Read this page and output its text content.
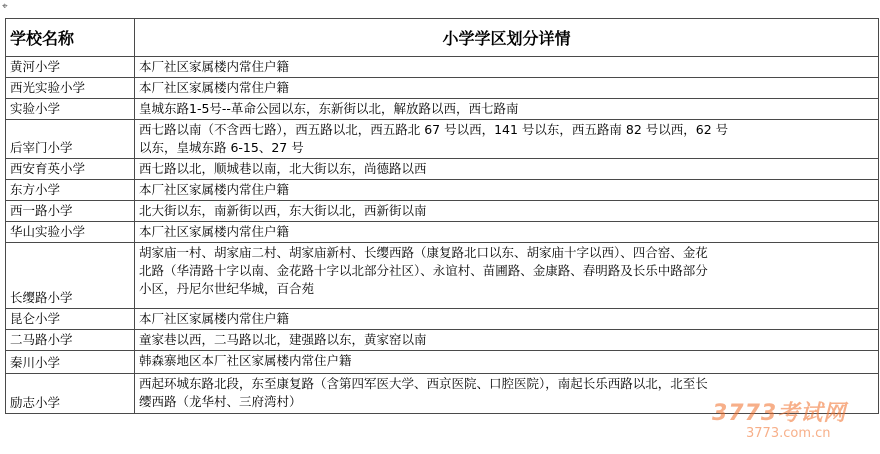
⌖
学校名称	小学学区划分详情
黄河小学	本厂社区家属楼内常住户籍
西光实验小学	本厂社区家属楼内常住户籍
实验小学	皇城东路1-5号--革命公园以东，东新街以北，解放路以西，西七路南
后宰门小学	西七路以南（不含西七路），西五路以北，西五路北 67 号以西，141 号以东，西五路南 82 号以西，62 号
以东，皇城东路 6-15、27 号
西安育英小学	西七路以北，顺城巷以南，北大街以东，尚德路以西
东方小学	本厂社区家属楼内常住户籍
西一路小学	北大街以东，南新街以西，东大街以北，西新街以南
华山实验小学	本厂社区家属楼内常住户籍
长缨路小学	胡家庙一村、胡家庙二村、胡家庙新村、长缨西路（康复路北口以东、胡家庙十字以西）、四合窑、金花
北路（华清路十字以南、金花路十字以北部分社区）、永谊村、苗圃路、金康路、春明路及长乐中路部分
小区，丹尼尔世纪华城，百合苑
昆仑小学	本厂社区家属楼内常住户籍
二马路小学	童家巷以西，二马路以北，建强路以东，黄家窑以南
秦川小学	韩森寨地区本厂社区家属楼内常住户籍
励志小学	西起环城东路北段，东至康复路（含第四军医大学、西京医院、口腔医院），南起长乐西路以北，北至长
缨西路（龙华村、三府湾村）	3773考试网
3773.com.cn
